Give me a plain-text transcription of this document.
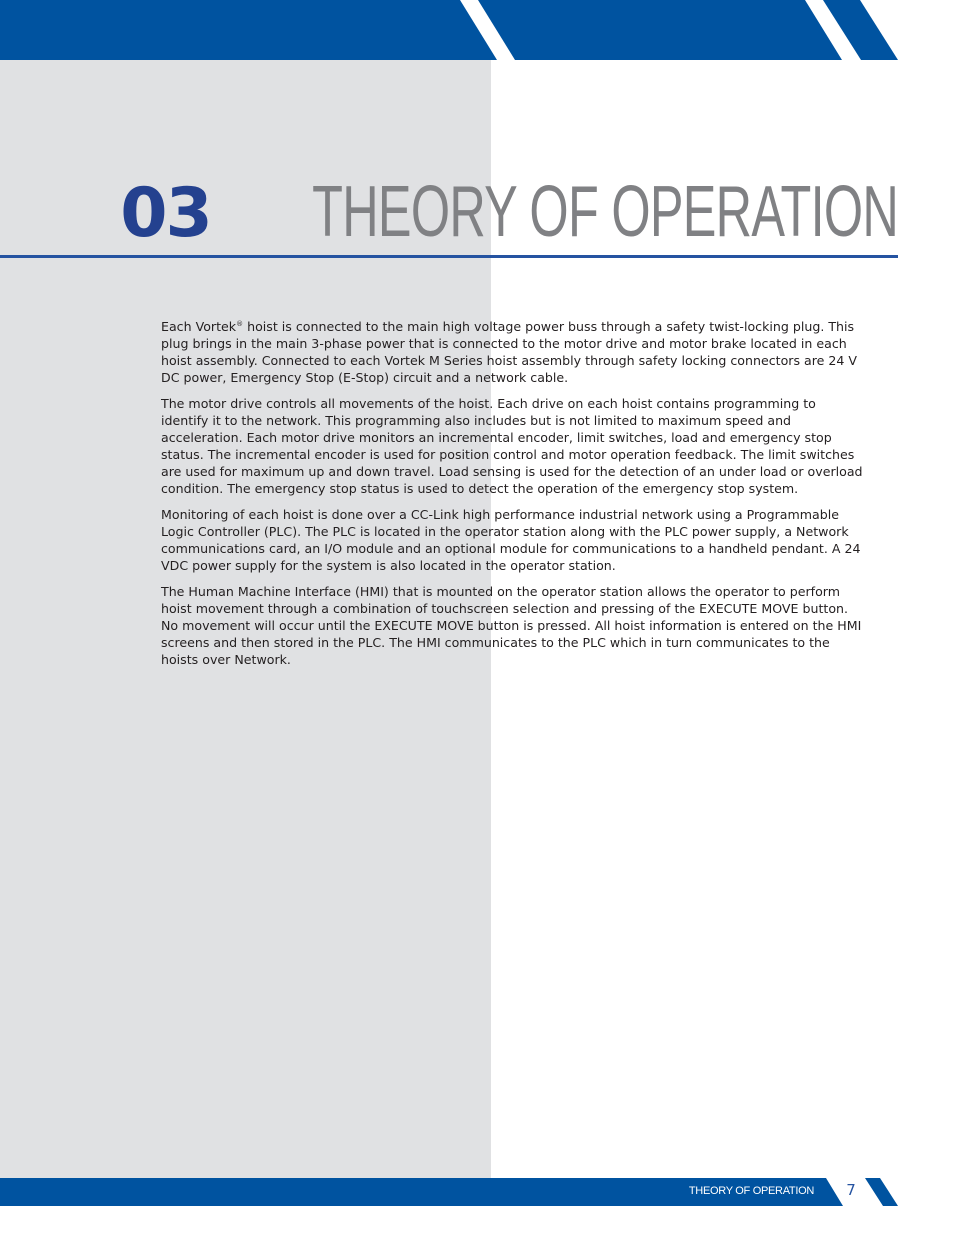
03 THEORY OF OPERATION

Each Vortek® hoist is connected to the main high voltage power buss through a safety twist-locking plug. This plug brings in the main 3-phase power that is connected to the motor drive and motor brake located in each hoist assembly. Connected to each Vortek M Series hoist assembly through safety locking connectors are 24 V DC power, Emergency Stop (E-Stop) circuit and a network cable.

The motor drive controls all movements of the hoist. Each drive on each hoist contains programming to identify it to the network. This programming also includes but is not limited to maximum speed and acceleration. Each motor drive monitors an incremental encoder, limit switches, load and emergency stop status. The incremental encoder is used for position control and motor operation feedback. The limit switches are used for maximum up and down travel. Load sensing is used for the detection of an under load or overload condition. The emergency stop status is used to detect the operation of the emergency stop system.

Monitoring of each hoist is done over a CC-Link high performance industrial network using a Programmable Logic Controller (PLC). The PLC is located in the operator station along with the PLC power supply, a Network communications card, an I/O module and an optional module for communications to a handheld pendant. A 24 VDC power supply for the system is also located in the operator station.

The Human Machine Interface (HMI) that is mounted on the operator station allows the operator to perform hoist movement through a combination of touchscreen selection and pressing of the EXECUTE MOVE button. No movement will occur until the EXECUTE MOVE button is pressed. All hoist information is entered on the HMI screens and then stored in the PLC. The HMI communicates to the PLC which in turn communicates to the hoists over Network.

THEORY OF OPERATION	7
